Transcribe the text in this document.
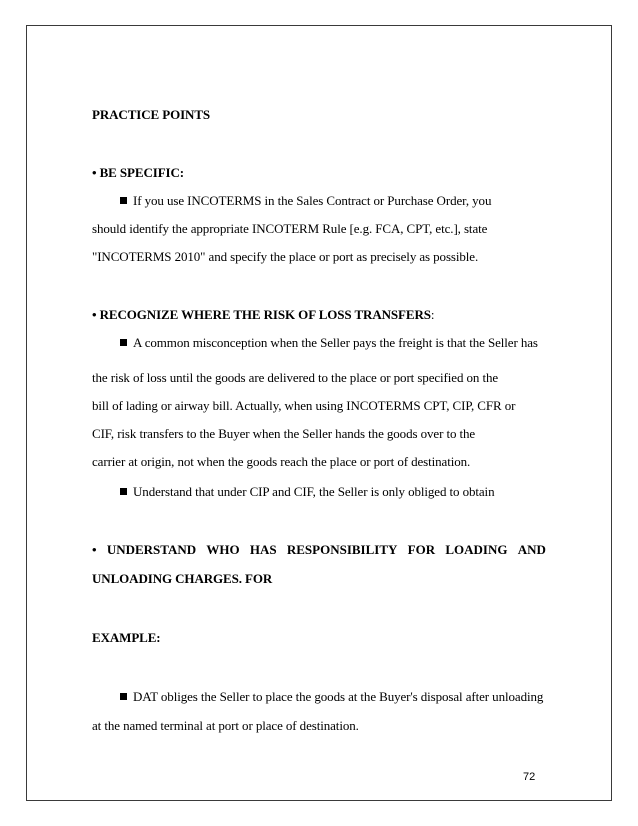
PRACTICE POINTS
• BE SPECIFIC:
If you use INCOTERMS in the Sales Contract or Purchase Order, you
should identify the appropriate INCOTERM Rule [e.g. FCA, CPT, etc.], state
"INCOTERMS 2010" and specify the place or port as precisely as possible.
• RECOGNIZE WHERE THE RISK OF LOSS TRANSFERS:
A common misconception when the Seller pays the freight is that the Seller has
the risk of loss until the goods are delivered to the place or port specified on the
bill of lading or airway bill. Actually, when using INCOTERMS CPT, CIP, CFR or
CIF, risk transfers to the Buyer when the Seller hands the goods over to the
carrier at origin, not when the goods reach the place or port of destination.
Understand that under CIP and CIF, the Seller is only obliged to obtain
• UNDERSTAND WHO HAS RESPONSIBILITY FOR LOADING AND
UNLOADING CHARGES. FOR
EXAMPLE:
DAT obliges the Seller to place the goods at the Buyer's disposal after unloading
at the named terminal at port or place of destination.
72
